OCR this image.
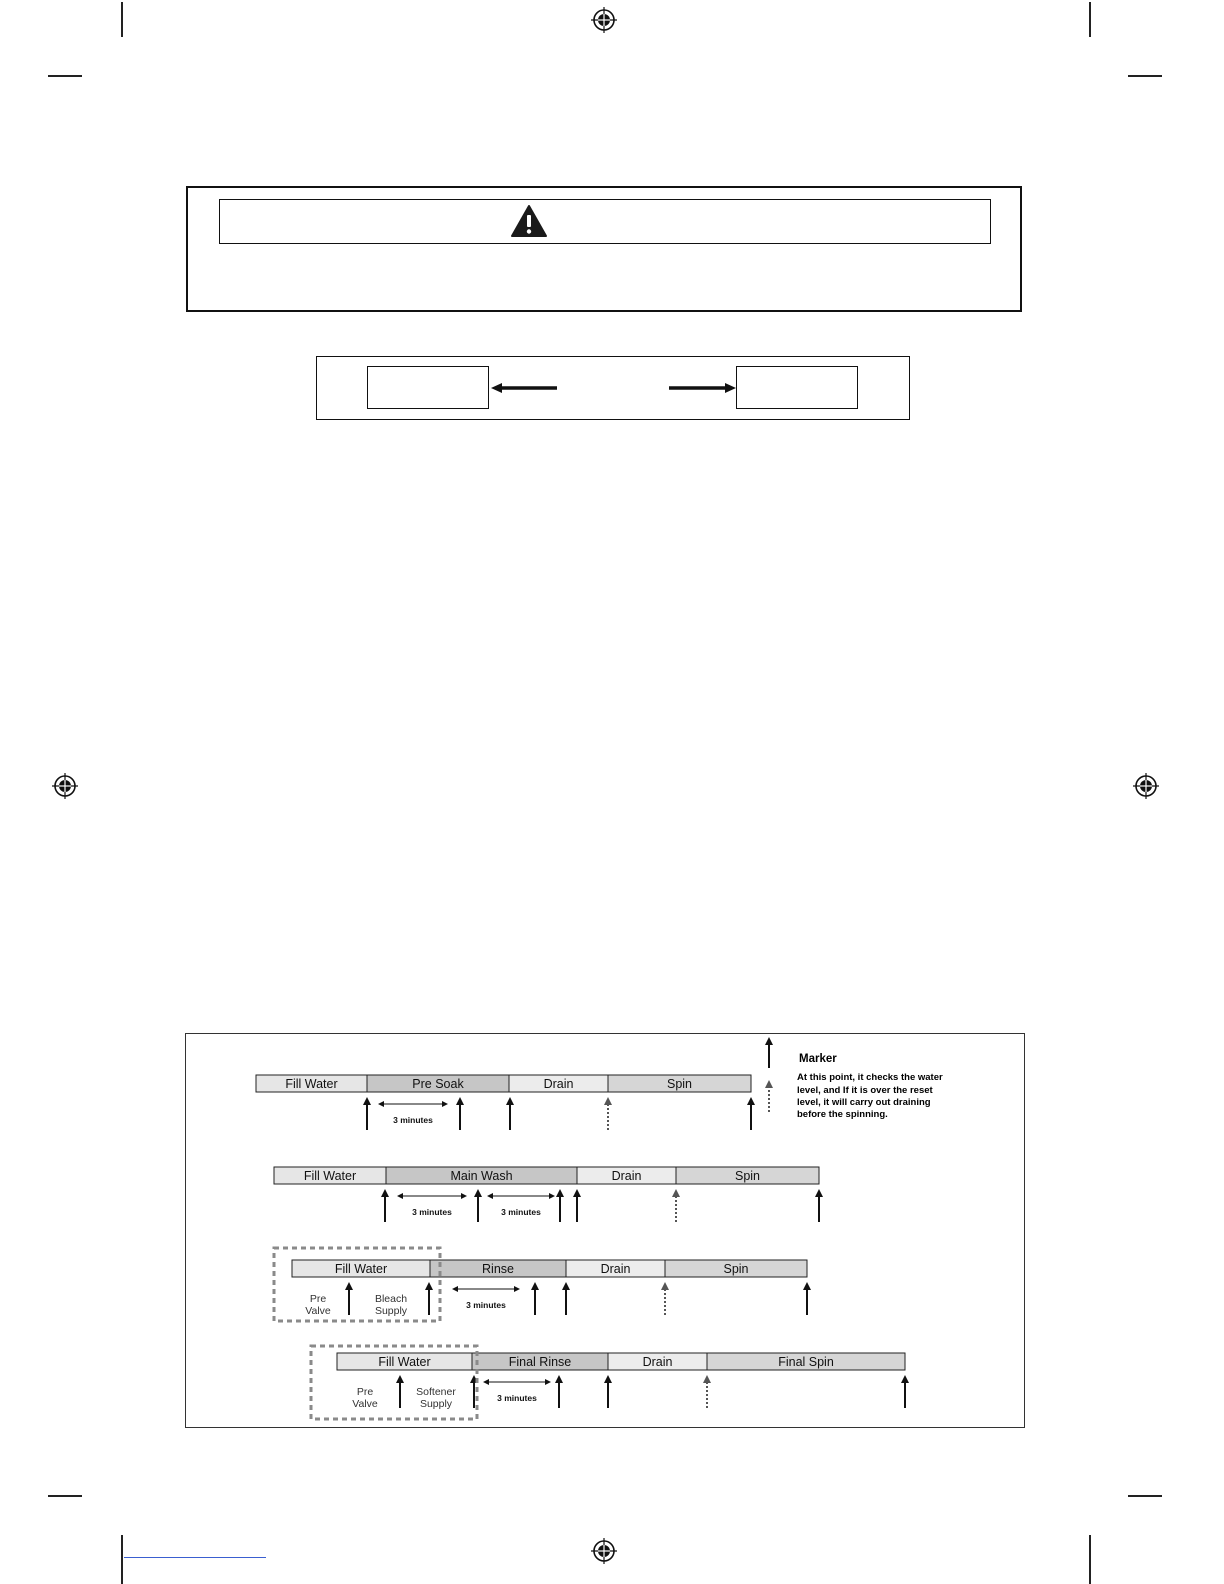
Fill Water	Pre Soak	Drain	Spin
3 minutes
Fill Water	Main Wash	Drain	Spin
3 minutes	3 minutes
Fill Water	Rinse	Drain	Spin
3 minutes
Pre
Valve
Bleach
Supply
Fill Water	Final Rinse	Drain	Final Spin
3 minutes
Pre
Valve
Softener
Supply
Marker
At this point, it checks the water
level, and If it is over the reset
level, it will carry out draining
before the spinning.
